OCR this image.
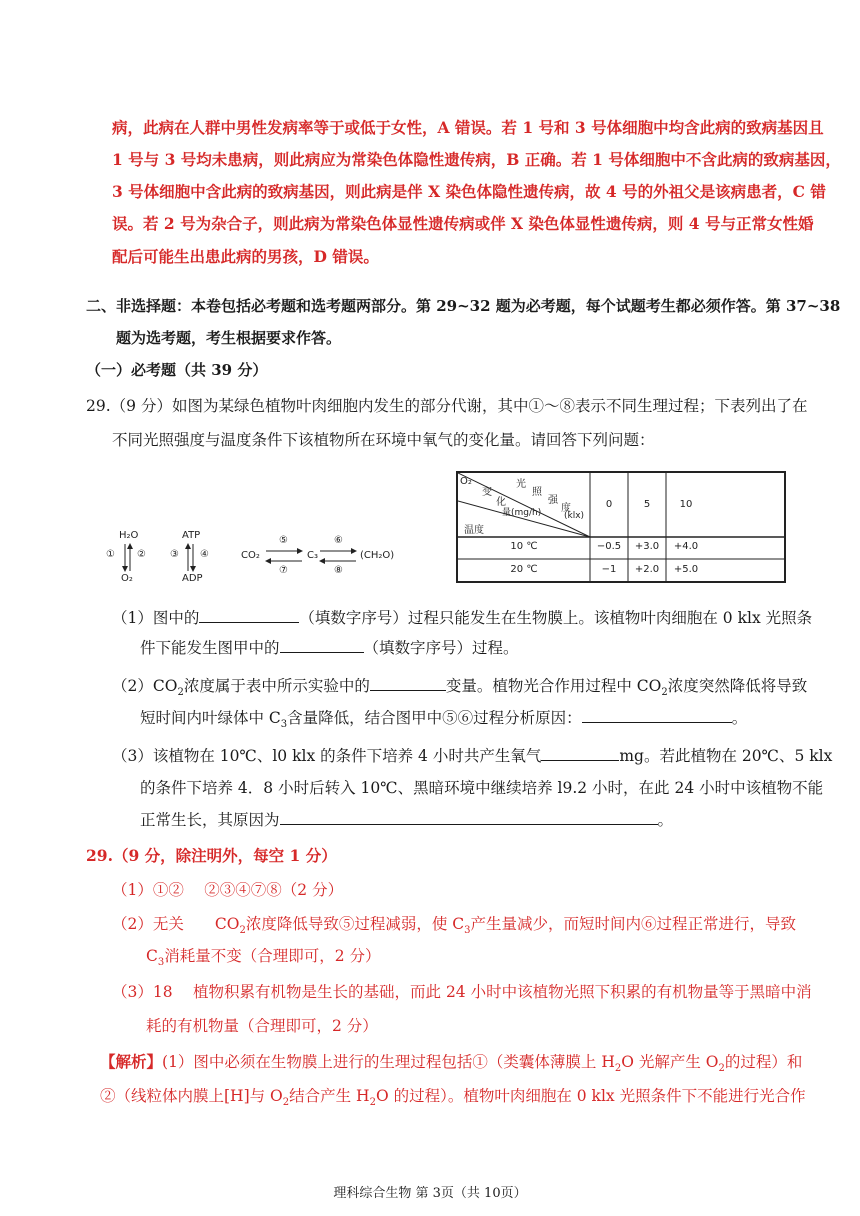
病，此病在人群中男性发病率等于或低于女性，A 错误。若 1 号和 3 号体细胞中均含此病的致病基因且
1 号与 3 号均未患病，则此病应为常染色体隐性遗传病，B 正确。若 1 号体细胞中不含此病的致病基因，
3 号体细胞中含此病的致病基因，则此病是伴 X 染色体隐性遗传病，故 4 号的外祖父是该病患者，C 错
误。若 2 号为杂合子，则此病为常染色体显性遗传病或伴 X 染色体显性遗传病，则 4 号与正常女性婚
配后可能生出患此病的男孩，D 错误。
二、非选择题：本卷包括必考题和选考题两部分。第 29~32 题为必考题，每个试题考生都必须作答。第 37~38
题为选考题，考生根据要求作答。
（一）必考题（共 39 分）
29.（9 分）如图为某绿色植物叶肉细胞内发生的部分代谢，其中①～⑧表示不同生理过程；下表列出了在
不同光照强度与温度条件下该植物所在环境中氧气的变化量。请回答下列问题：
H₂O
① ②
O₂
ATP
③ ④
ADP
CO₂
⑤
⑦
C₃
⑥
⑧
(CH₂O)
O₂
变
化
量(mg/h)
光
照
强
度
(klx)
温度
0	5	10
10 ℃	−0.5	+3.0	+4.0
20 ℃	−1	+2.0	+5.0
（1）图中的	（填数字序号）过程只能发生在生物膜上。该植物叶肉细胞在 0 klx 光照条
件下能发生图甲中的	（填数字序号）过程。
$(2)CO_2$浓度属于表中所示实验中的	变量。植物光合作用过程中 $CO_2$浓度突然降低将导致
短时间内叶绿体中 $C_3$含量降低，结合图甲中⑤⑥过程分析原因：	。
（3）该植物在 10℃、l0 klx 的条件下培养 4 小时共产生氧气	mg。若此植物在 20℃、5 klx
的条件下培养 4．8 小时后转入 10℃、黑暗环境中继续培养 l9.2 小时，在此 24 小时中该植物不能
正常生长，其原因为	。
29.（9 分，除注明外，每空 1 分）
（1）①②　 ②③④⑦⑧（2 分）
（2）无关　　$CO_2$浓度降低导致⑤过程减弱，使 $C_3$产生量减少，而短时间内⑥过程正常进行，导致
$C_3$消耗量不变（合理即可，2 分）
（3）18　 植物积累有机物是生长的基础，而此 24 小时中该植物光照下积累的有机物量等于黑暗中消
耗的有机物量（合理即可，2 分）
【解析】(1）图中必须在生物膜上进行的生理过程包括①（类囊体薄膜上 $H_2O$ 光解产生 $O_2$的过程）和
②（线粒体内膜上[H]与 $O_2$结合产生 $H_2O$ 的过程）。植物叶肉细胞在 0 klx 光照条件下不能进行光合作
理科综合生物 第 3页（共 10页）
